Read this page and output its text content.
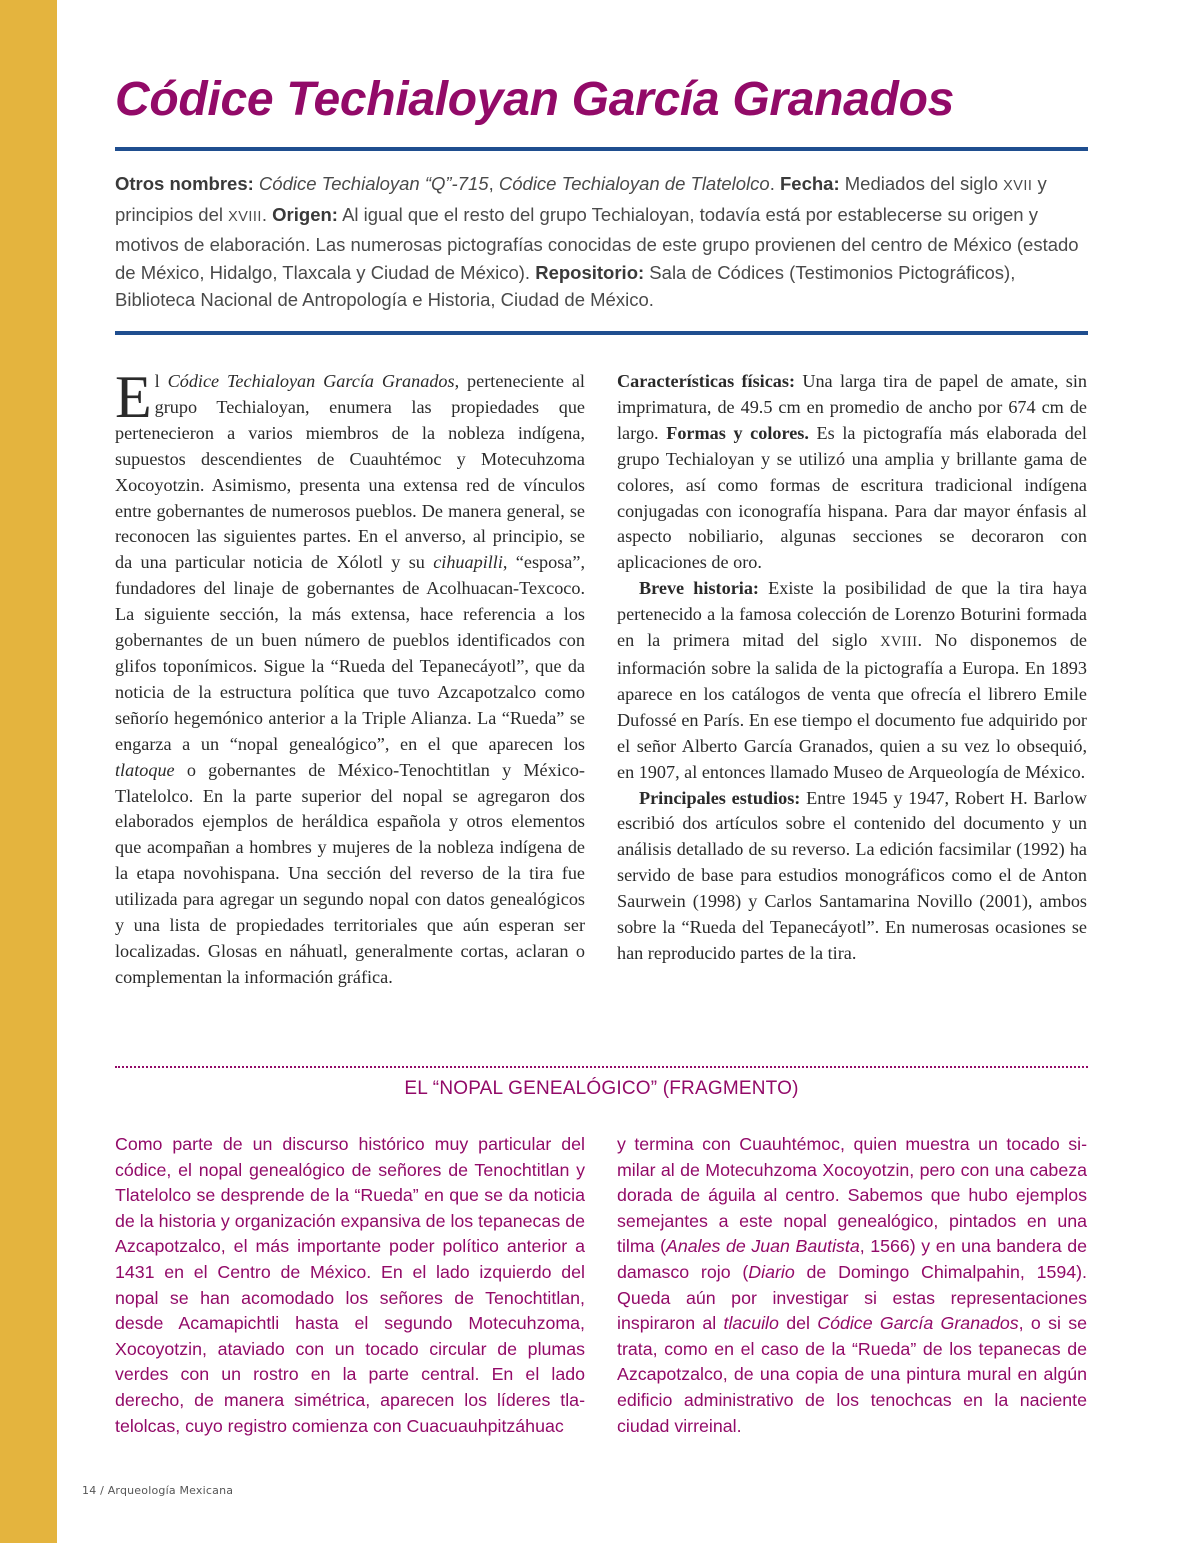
Códice Techialoyan García Granados

Otros nombres: Códice Techialoyan “Q”-715, Códice Techialoyan de Tlatelolco. Fecha: Mediados del siglo XVII y principios del XVIII. Origen: Al igual que el resto del grupo Techialoyan, todavía está por establecerse su origen y motivos de elaboración. Las numerosas pictografías conocidas de este grupo provienen del centro de México (estado de México, Hidalgo, Tlaxcala y Ciudad de México). Repositorio: Sala de Códices (Testimonios Pictográficos), Biblioteca Nacional de Antropología e Historia, Ciudad de México.

El Códice Techialoyan García Granados, perteneciente al grupo Techialoyan, enumera las propiedades que pertenecieron a varios miembros de la nobleza indígena, supuestos descendientes de Cuauhtémoc y Motecuhzoma Xocoyotzin. Asimismo, presenta una extensa red de vínculos entre gobernantes de numerosos pueblos. De manera general, se reconocen las siguientes partes. En el anverso, al principio, se da una particular noticia de Xólotl y su cihuapilli, “esposa”, fundadores del linaje de gobernantes de Acolhuacan-Texcoco. La siguiente sección, la más extensa, hace referencia a los gobernantes de un buen número de pueblos identificados con glifos toponímicos. Sigue la “Rueda del Tepanecáyotl”, que da noticia de la estructura política que tuvo Azcapotzalco como señorío hegemónico anterior a la Triple Alianza. La “Rueda” se engarza a un “nopal genealógico”, en el que aparecen los tlatoque o gobernantes de México-Tenochtitlan y México-Tlatelolco. En la parte superior del nopal se agregaron dos elaborados ejemplos de heráldica española y otros elementos que acompañan a hombres y mujeres de la nobleza indígena de la etapa novohispana. Una sección del reverso de la tira fue utilizada para agregar un segundo nopal con datos genealógicos y una lista de propiedades territoriales que aún esperan ser localizadas. Glosas en náhuatl, generalmente cortas, aclaran o complementan la información gráfica.

Características físicas: Una larga tira de papel de amate, sin imprimatura, de 49.5 cm en promedio de ancho por 674 cm de largo. Formas y colores. Es la pictografía más elaborada del grupo Techialoyan y se utilizó una amplia y brillante gama de colores, así como formas de escritura tradicional indígena conjugadas con iconografía hispana. Para dar mayor énfasis al aspecto nobiliario, algunas secciones se decoraron con aplicaciones de oro.

Breve historia: Existe la posibilidad de que la tira haya pertenecido a la famosa colección de Lorenzo Boturini formada en la primera mitad del siglo XVIII. No disponemos de información sobre la salida de la pictografía a Europa. En 1893 aparece en los catálogos de venta que ofrecía el librero Emile Dufossé en París. En ese tiempo el documento fue adquirido por el señor Alberto García Granados, quien a su vez lo obsequió, en 1907, al entonces llamado Museo de Arqueología de México.

Principales estudios: Entre 1945 y 1947, Robert H. Barlow escribió dos artículos sobre el contenido del documento y un análisis detallado de su reverso. La edición facsimilar (1992) ha servido de base para estudios monográficos como el de Anton Saurwein (1998) y Carlos Santamarina Novillo (2001), ambos sobre la “Rueda del Tepanecáyotl”. En numerosas ocasiones se han reproducido partes de la tira.

EL “NOPAL GENEALÓGICO” (FRAGMENTO)

Como parte de un discurso histórico muy particular del códice, el nopal genealógico de señores de Tenochtitlan y Tlatelolco se desprende de la “Rueda” en que se da noticia de la historia y organización expansiva de los tepanecas de Azcapotzalco, el más importante poder político anterior a 1431 en el Centro de México. En el lado izquierdo del nopal se han acomodado los señores de Tenochtitlan, desde Acamapichtli hasta el segundo Motecuhzoma, Xocoyotzin, ataviado con un tocado circular de plumas verdes con un rostro en la parte central. En el lado derecho, de manera simétrica, aparecen los líderes tlatelolcas, cuyo registro comienza con Cuacuauhpitzáhuac

y termina con Cuauhtémoc, quien muestra un tocado similar al de Motecuhzoma Xocoyotzin, pero con una cabeza dorada de águila al centro. Sabemos que hubo ejemplos semejantes a este nopal genealógico, pintados en una tilma (Anales de Juan Bautista, 1566) y en una bandera de damasco rojo (Diario de Domingo Chimalpahin, 1594). Queda aún por investigar si estas representaciones inspiraron al tlacuilo del Códice García Granados, o si se trata, como en el caso de la “Rueda” de los tepanecas de Azcapotzalco, de una copia de una pintura mural en algún edificio administrativo de los tenochcas en la naciente ciudad virreinal.

14 / Arqueología Mexicana
